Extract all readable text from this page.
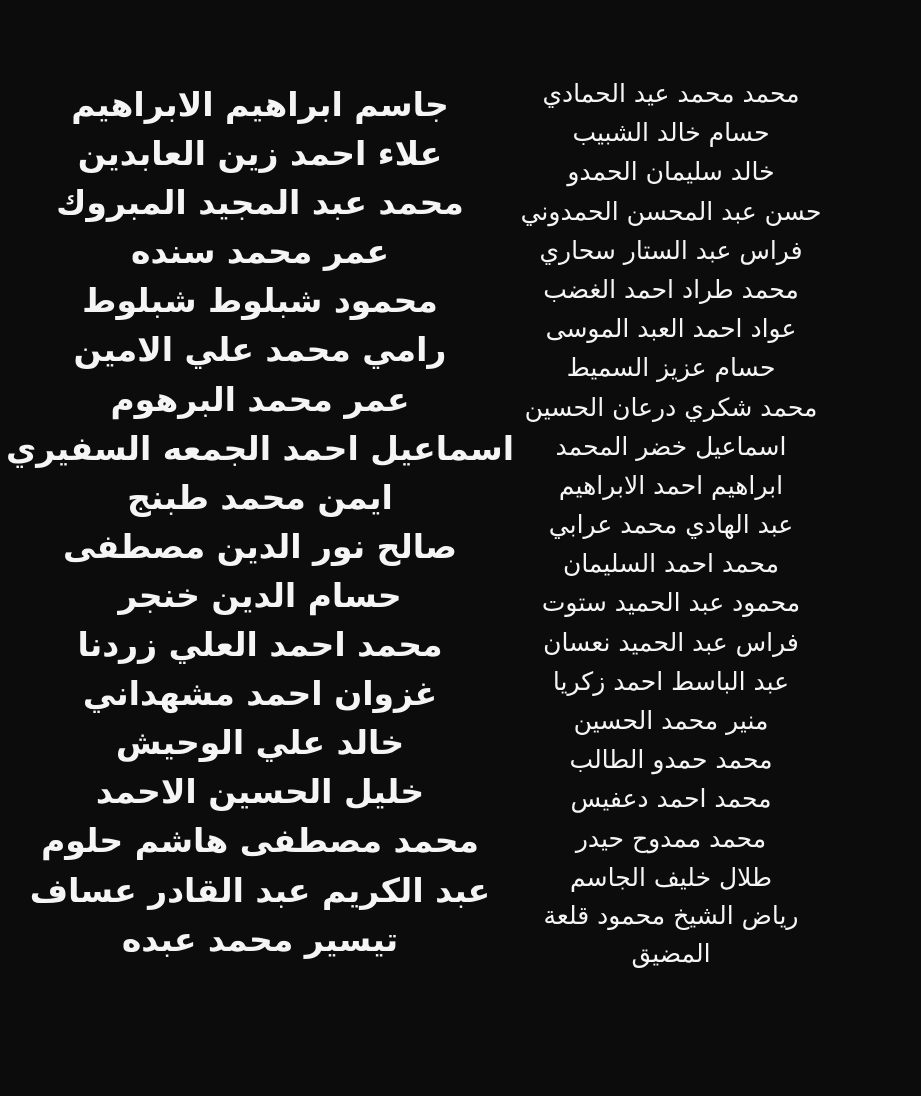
محمد محمد عيد الحمادي
حسام خالد الشبيب
خالد سليمان الحمدو
حسن عبد المحسن الحمدوني
فراس عبد الستار سحاري
محمد طراد احمد الغضب
عواد احمد العبد الموسى
حسام عزيز السميط
محمد شكري درعان الحسين
اسماعيل خضر المحمد
ابراهيم احمد الابراهيم
عبد الهادي محمد عرابي
محمد احمد السليمان
محمود عبد الحميد ستوت
فراس عبد الحميد نعسان
عبد الباسط احمد زكريا
منير محمد الحسين
محمد حمدو الطالب
محمد احمد دعفيس
محمد ممدوح حيدر
طلال خليف الجاسم
رياض الشيخ محمود قلعة المضيق
جاسم ابراهيم الابراهيم
علاء احمد زين العابدين
محمد عبد المجيد المبروك
عمر محمد سنده
محمود شبلوط شبلوط
رامي محمد علي الامين
عمر محمد البرهوم
اسماعيل احمد الجمعه السفيري
ايمن محمد طبنج
صالح نور الدين مصطفى
حسام الدين خنجر
محمد احمد العلي زردنا
غزوان احمد مشهداني
خالد علي الوحيش
خليل الحسين الاحمد
محمد مصطفى هاشم حلوم
عبد الكريم عبد القادر عساف
تيسير محمد عبده
